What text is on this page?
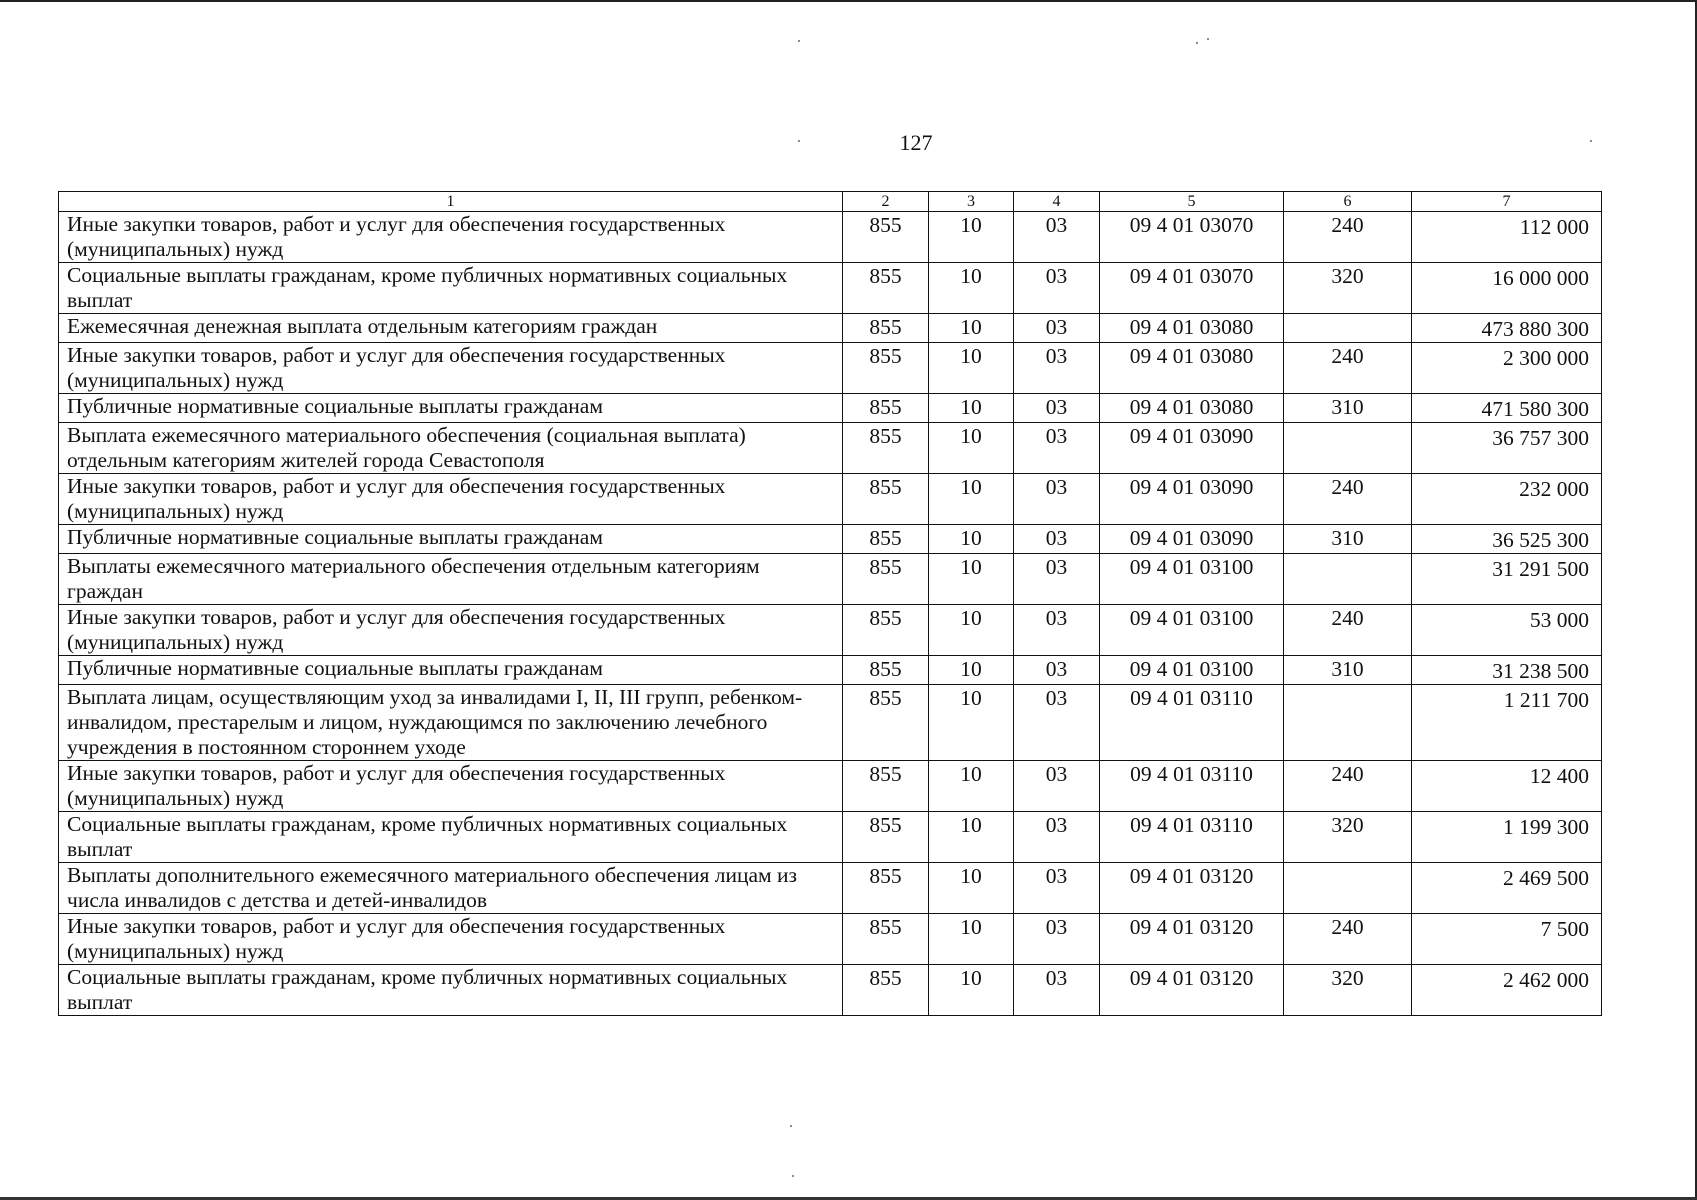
127
1	2	3	4	5	6	7
Иные закупки товаров, работ и услуг для обеспечения государственных (муниципальных) нужд	855	10	03	09 4 01 03070	240	112 000
Социальные выплаты гражданам, кроме публичных нормативных социальных выплат	855	10	03	09 4 01 03070	320	16 000 000
Ежемесячная денежная выплата отдельным категориям граждан	855	10	03	09 4 01 03080		473 880 300
Иные закупки товаров, работ и услуг для обеспечения государственных (муниципальных) нужд	855	10	03	09 4 01 03080	240	2 300 000
Публичные нормативные социальные выплаты гражданам	855	10	03	09 4 01 03080	310	471 580 300
Выплата ежемесячного материального обеспечения (социальная выплата) отдельным категориям жителей города Севастополя	855	10	03	09 4 01 03090		36 757 300
Иные закупки товаров, работ и услуг для обеспечения государственных (муниципальных) нужд	855	10	03	09 4 01 03090	240	232 000
Публичные нормативные социальные выплаты гражданам	855	10	03	09 4 01 03090	310	36 525 300
Выплаты ежемесячного материального обеспечения отдельным категориям граждан	855	10	03	09 4 01 03100		31 291 500
Иные закупки товаров, работ и услуг для обеспечения государственных (муниципальных) нужд	855	10	03	09 4 01 03100	240	53 000
Публичные нормативные социальные выплаты гражданам	855	10	03	09 4 01 03100	310	31 238 500
Выплата лицам, осуществляющим уход за инвалидами I, II, III групп, ребенком-инвалидом, престарелым и лицом, нуждающимся по заключению лечебного учреждения в постоянном стороннем уходе	855	10	03	09 4 01 03110		1 211 700
Иные закупки товаров, работ и услуг для обеспечения государственных (муниципальных) нужд	855	10	03	09 4 01 03110	240	12 400
Социальные выплаты гражданам, кроме публичных нормативных социальных выплат	855	10	03	09 4 01 03110	320	1 199 300
Выплаты дополнительного ежемесячного материального обеспечения лицам из числа инвалидов с детства и детей-инвалидов	855	10	03	09 4 01 03120		2 469 500
Иные закупки товаров, работ и услуг для обеспечения государственных (муниципальных) нужд	855	10	03	09 4 01 03120	240	7 500
Социальные выплаты гражданам, кроме публичных нормативных социальных выплат	855	10	03	09 4 01 03120	320	2 462 000
